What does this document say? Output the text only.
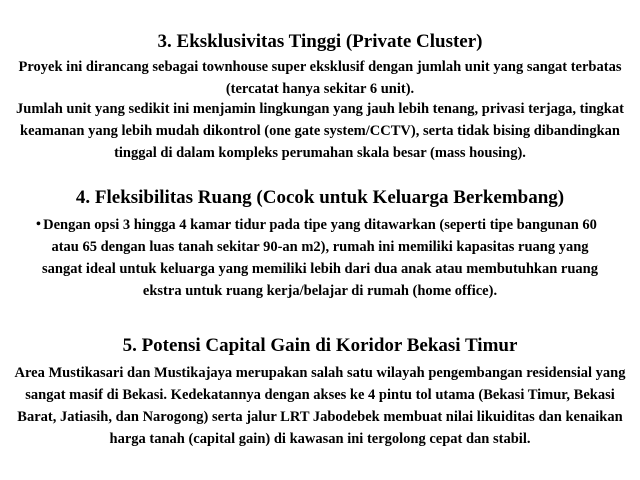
3. Eksklusivitas Tinggi (Private Cluster)

Proyek ini dirancang sebagai townhouse super eksklusif dengan jumlah unit yang sangat terbatas (tercatat hanya sekitar 6 unit).

Jumlah unit yang sedikit ini menjamin lingkungan yang jauh lebih tenang, privasi terjaga, tingkat keamanan yang lebih mudah dikontrol (one gate system/CCTV), serta tidak bising dibandingkan tinggal di dalam kompleks perumahan skala besar (mass housing).

4. Fleksibilitas Ruang (Cocok untuk Keluarga Berkembang)
• Dengan opsi 3 hingga 4 kamar tidur pada tipe yang ditawarkan (seperti tipe bangunan 60 atau 65 dengan luas tanah sekitar 90-an m2), rumah ini memiliki kapasitas ruang yang sangat ideal untuk keluarga yang memiliki lebih dari dua anak atau membutuhkan ruang ekstra untuk ruang kerja/belajar di rumah (home office).

5. Potensi Capital Gain di Koridor Bekasi Timur

Area Mustikasari dan Mustikajaya merupakan salah satu wilayah pengembangan residensial yang sangat masif di Bekasi. Kedekatannya dengan akses ke 4 pintu tol utama (Bekasi Timur, Bekasi Barat, Jatiasih, dan Narogong) serta jalur LRT Jabodebek membuat nilai likuiditas dan kenaikan harga tanah (capital gain) di kawasan ini tergolong cepat dan stabil.
